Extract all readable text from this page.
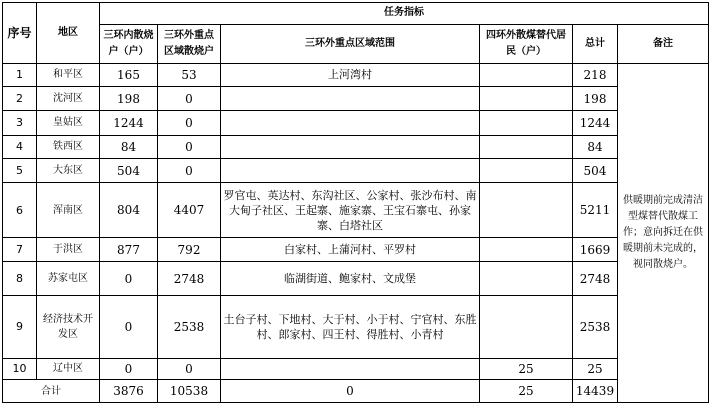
序号	地区	任务指标					
		三环内散烧户（户）	三环外重点区域散烧户	三环外重点区域范围	四环外散煤替代居民（户）	总计	备注
1	和平区	165	53	上河湾村		218	供暖期前完成清洁型煤替代散煤工作；意向拆迁在供暖期前未完成的，视同散烧户。
2	沈河区	198	0			198	
3	皇姑区	1244	0			1244	
4	铁西区	84	0			84	
5	大东区	504	0			504	
6	浑南区	804	4407	罗官屯、英达村、东沟社区、公家村、张沙布村、南大甸子社区、王起寨、施家寨、王宝石寨屯、孙家寨、白塔社区		5211	
7	于洪区	877	792	白家村、上蒲河村、平罗村		1669	
8	苏家屯区	0	2748	临湖街道、鲍家村、文成堡		2748	
9	经济技术开发区	0	2538	土台子村、下地村、大于村、小于村、宁官村、东胜村、郎家村、四王村、得胜村、小青村		2538	
10	辽中区	0	0		25	25	
合计		3876	10538	0	25	14439	
